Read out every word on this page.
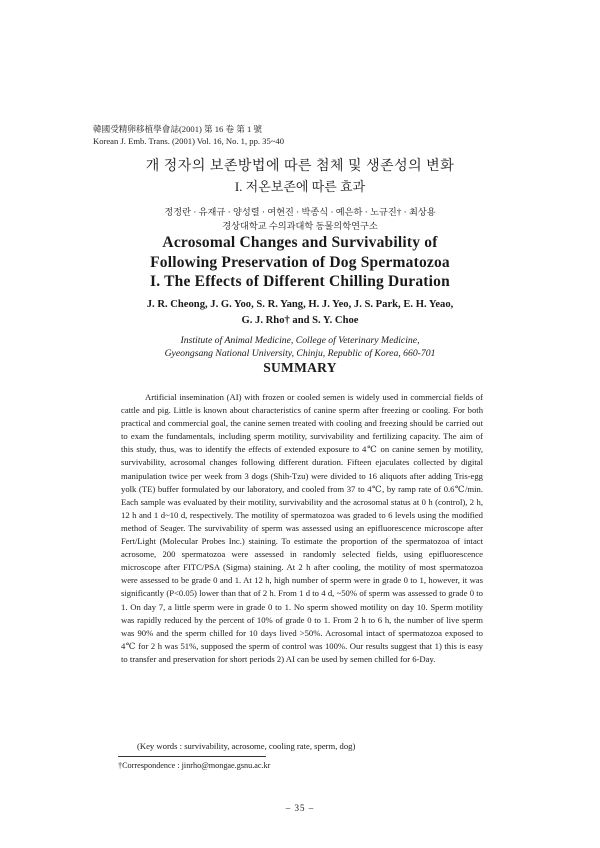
韓國受精卵移植學會誌(2001) 第 16 卷 第 1 號
Korean J. Emb. Trans. (2001) Vol. 16, No. 1, pp. 35~40
개 정자의 보존방법에 따른 첨체 및 생존성의 변화
I. 저온보존에 따른 효과
정정란 · 유재규 · 양성렬 · 여현진 · 박종식 · 예은하 · 노규진† · 최상용
경상대학교 수의과대학 동물의학연구소
Acrosomal Changes and Survivability of
Following Preservation of Dog Spermatozoa
I. The Effects of Different Chilling Duration
J. R. Cheong, J. G. Yoo, S. R. Yang, H. J. Yeo, J. S. Park, E. H. Yeao,
G. J. Rho† and S. Y. Choe
Institute of Animal Medicine, College of Veterinary Medicine,
Gyeongsang National University, Chinju, Republic of Korea, 660-701
SUMMARY

Artificial insemination (AI) with frozen or cooled semen is widely used in commercial fields of cattle and pig. Little is known about characteristics of canine sperm after freezing or cooling. For both practical and commercial goal, the canine semen treated with cooling and freezing should be carried out to exam the fundamentals, including sperm motility, survivability and fertilizing capacity. The aim of this study, thus, was to identify the effects of extended exposure to 4℃ on canine semen by motility, survivability, acrosomal changes following different duration. Fifteen ejaculates collected by digital manipulation twice per week from 3 dogs (Shih-Tzu) were divided to 16 aliquots after adding Tris-egg yolk (TE) buffer formulated by our laboratory, and cooled from 37 to 4℃, by ramp rate of 0.6℃/min. Each sample was evaluated by their motility, survivability and the acrosomal status at 0 h (control), 2 h, 12 h and 1 d~10 d, respectively. The motility of spermatozoa was graded to 6 levels using the modified method of Seager. The survivability of sperm was assessed using an epifluorescence microscope after Fert/Light (Molecular Probes Inc.) staining. To estimate the proportion of the spermatozoa of intact acrosome, 200 spermatozoa were assessed in randomly selected fields, using epifluorescence microscope after FITC/PSA (Sigma) staining. At 2 h after cooling, the motility of most spermatozoa were assessed to be grade 0 and 1. At 12 h, high number of sperm were in grade 0 to 1, however, it was significantly (P<0.05) lower than that of 2 h. From 1 d to 4 d, ~50% of sperm was assessed to grade 0 to 1. On day 7, a little sperm were in grade 0 to 1. No sperm showed motility on day 10. Sperm motility was rapidly reduced by the percent of 10% of grade 0 to 1. From 2 h to 6 h, the number of live sperm was 90% and the sperm chilled for 10 days lived >50%. Acrosomal intact of spermatozoa exposed to 4℃ for 2 h was 51%, supposed the sperm of control was 100%. Our results suggest that 1) this is easy to transfer and preservation for short periods 2) AI can be used by semen chilled for 6-Day.

(Key words : survivability, acrosome, cooling rate, sperm, dog)
†Correspondence : jinrho@mongae.gsnu.ac.kr
– 35 –
